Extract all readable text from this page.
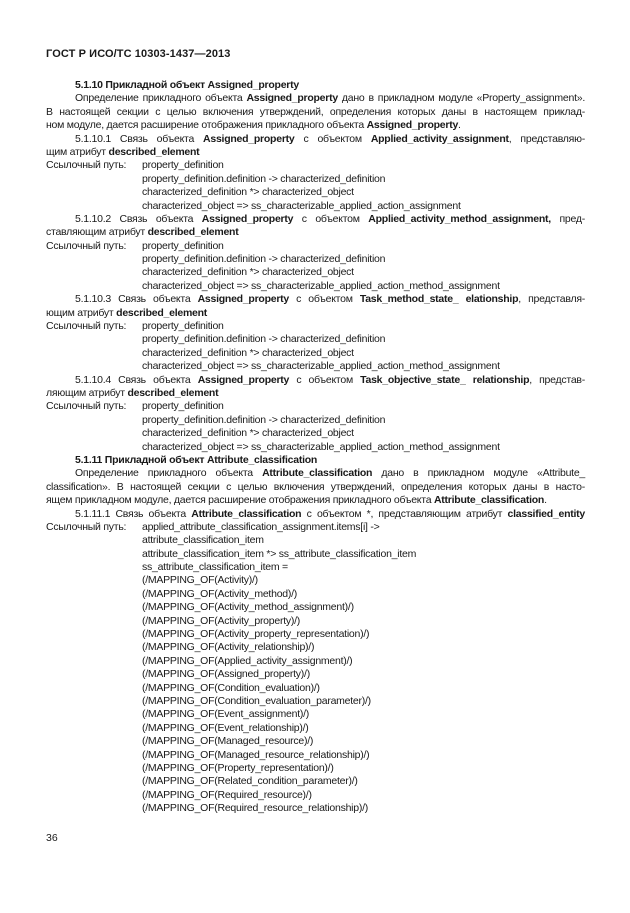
ГОСТ Р ИСО/ТС 10303-1437—2013
5.1.10 Прикладной объект Assigned_property
Определение прикладного объекта Assigned_property дано в прикладном модуле «Property_assignment».
В настоящей секции с целью включения утверждений, определения которых даны в настоящем приклад-
ном модуле, дается расширение отображения прикладного объекта Assigned_property.
5.1.10.1 Связь объекта Assigned_property с объектом Applied_activity_assignment, представляю-
щим атрибут described_element
Ссылочный путь: property_definition
property_definition.definition -> characterized_definition
characterized_definition *> characterized_object
characterized_object => ss_characterizable_applied_action_assignment
5.1.10.2 Связь объекта Assigned_property с объектом Applied_activity_method_assignment, пред-
ставляющим атрибут described_element
Ссылочный путь: property_definition
property_definition.definition -> characterized_definition
characterized_definition *> characterized_object
characterized_object => ss_characterizable_applied_action_method_assignment
5.1.10.3 Связь объекта Assigned_property с объектом Task_method_state_ elationship, представля-
ющим атрибут described_element
Ссылочный путь: property_definition
property_definition.definition -> characterized_definition
characterized_definition *> characterized_object
characterized_object => ss_characterizable_applied_action_method_assignment
5.1.10.4 Связь объекта Assigned_property с объектом Task_objective_state_ relationship, представ-
ляющим атрибут described_element
Ссылочный путь: property_definition
property_definition.definition -> characterized_definition
characterized_definition *> characterized_object
characterized_object => ss_characterizable_applied_action_method_assignment
5.1.11 Прикладной объект Attribute_classification
Определение прикладного объекта Attribute_classification дано в прикладном модуле «Attribute_
classification». В настоящей секции с целью включения утверждений, определения которых даны в насто-
ящем прикладном модуле, дается расширение отображения прикладного объекта Attribute_classification.
5.1.11.1 Связь объекта Attribute_classification с объектом *, представляющим атрибут classified_entity
Ссылочный путь: applied_attribute_classification_assignment.items[i] ->
attribute_classification_item
attribute_classification_item *> ss_attribute_classification_item
ss_attribute_classification_item =
(/MAPPING_OF(Activity)/)
(/MAPPING_OF(Activity_method)/)
(/MAPPING_OF(Activity_method_assignment)/)
(/MAPPING_OF(Activity_property)/)
(/MAPPING_OF(Activity_property_representation)/)
(/MAPPING_OF(Activity_relationship)/)
(/MAPPING_OF(Applied_activity_assignment)/)
(/MAPPING_OF(Assigned_property)/)
(/MAPPING_OF(Condition_evaluation)/)
(/MAPPING_OF(Condition_evaluation_parameter)/)
(/MAPPING_OF(Event_assignment)/)
(/MAPPING_OF(Event_relationship)/)
(/MAPPING_OF(Managed_resource)/)
(/MAPPING_OF(Managed_resource_relationship)/)
(/MAPPING_OF(Property_representation)/)
(/MAPPING_OF(Related_condition_parameter)/)
(/MAPPING_OF(Required_resource)/)
(/MAPPING_OF(Required_resource_relationship)/)
36
